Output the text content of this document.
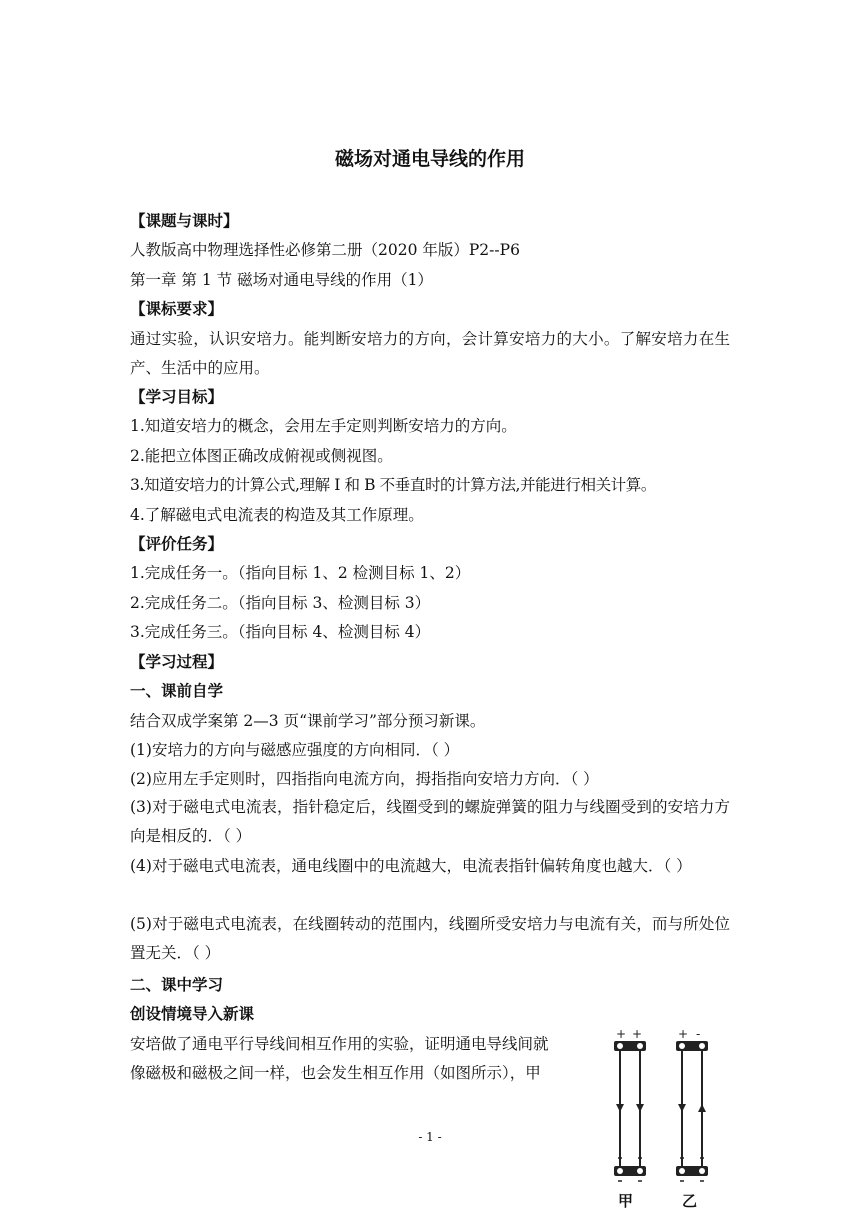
磁场对通电导线的作用
【课题与课时】
人教版高中物理选择性必修第二册（2020 年版）P2--P6
第一章 第 1 节 磁场对通电导线的作用（1）
【课标要求】
通过实验，认识安培力。能判断安培力的方向，会计算安培力的大小。了解安培力在生产、生活中的应用。
【学习目标】
1.知道安培力的概念，会用左手定则判断安培力的方向。
2.能把立体图正确改成俯视或侧视图。
3.知道安培力的计算公式,理解 I 和 B 不垂直时的计算方法,并能进行相关计算。
4.了解磁电式电流表的构造及其工作原理。
【评价任务】
1.完成任务一。（指向目标 1、2 检测目标 1、2）
2.完成任务二。（指向目标 3、检测目标 3）
3.完成任务三。（指向目标 4、检测目标 4）
【学习过程】
一、课前自学
结合双成学案第 2—3 页“课前学习”部分预习新课。
(1)安培力的方向与磁感应强度的方向相同．（ ）
(2)应用左手定则时，四指指向电流方向，拇指指向安培力方向．（ ）
(3)对于磁电式电流表，指针稳定后，线圈受到的螺旋弹簧的阻力与线圈受到的安培力方向是相反的．（ ）
(4)对于磁电式电流表，通电线圈中的电流越大，电流表指针偏转角度也越大．（ ）
(5)对于磁电式电流表，在线圈转动的范围内，线圈所受安培力与电流有关，而与所处位置无关．（ ）
二、课中学习
创设情境导入新课
安培做了通电平行导线间相互作用的实验，证明通电导线间就
像磁极和磁极之间一样，也会发生相互作用（如图所示），甲
- 1 -
+ +	+ -
甲	乙
